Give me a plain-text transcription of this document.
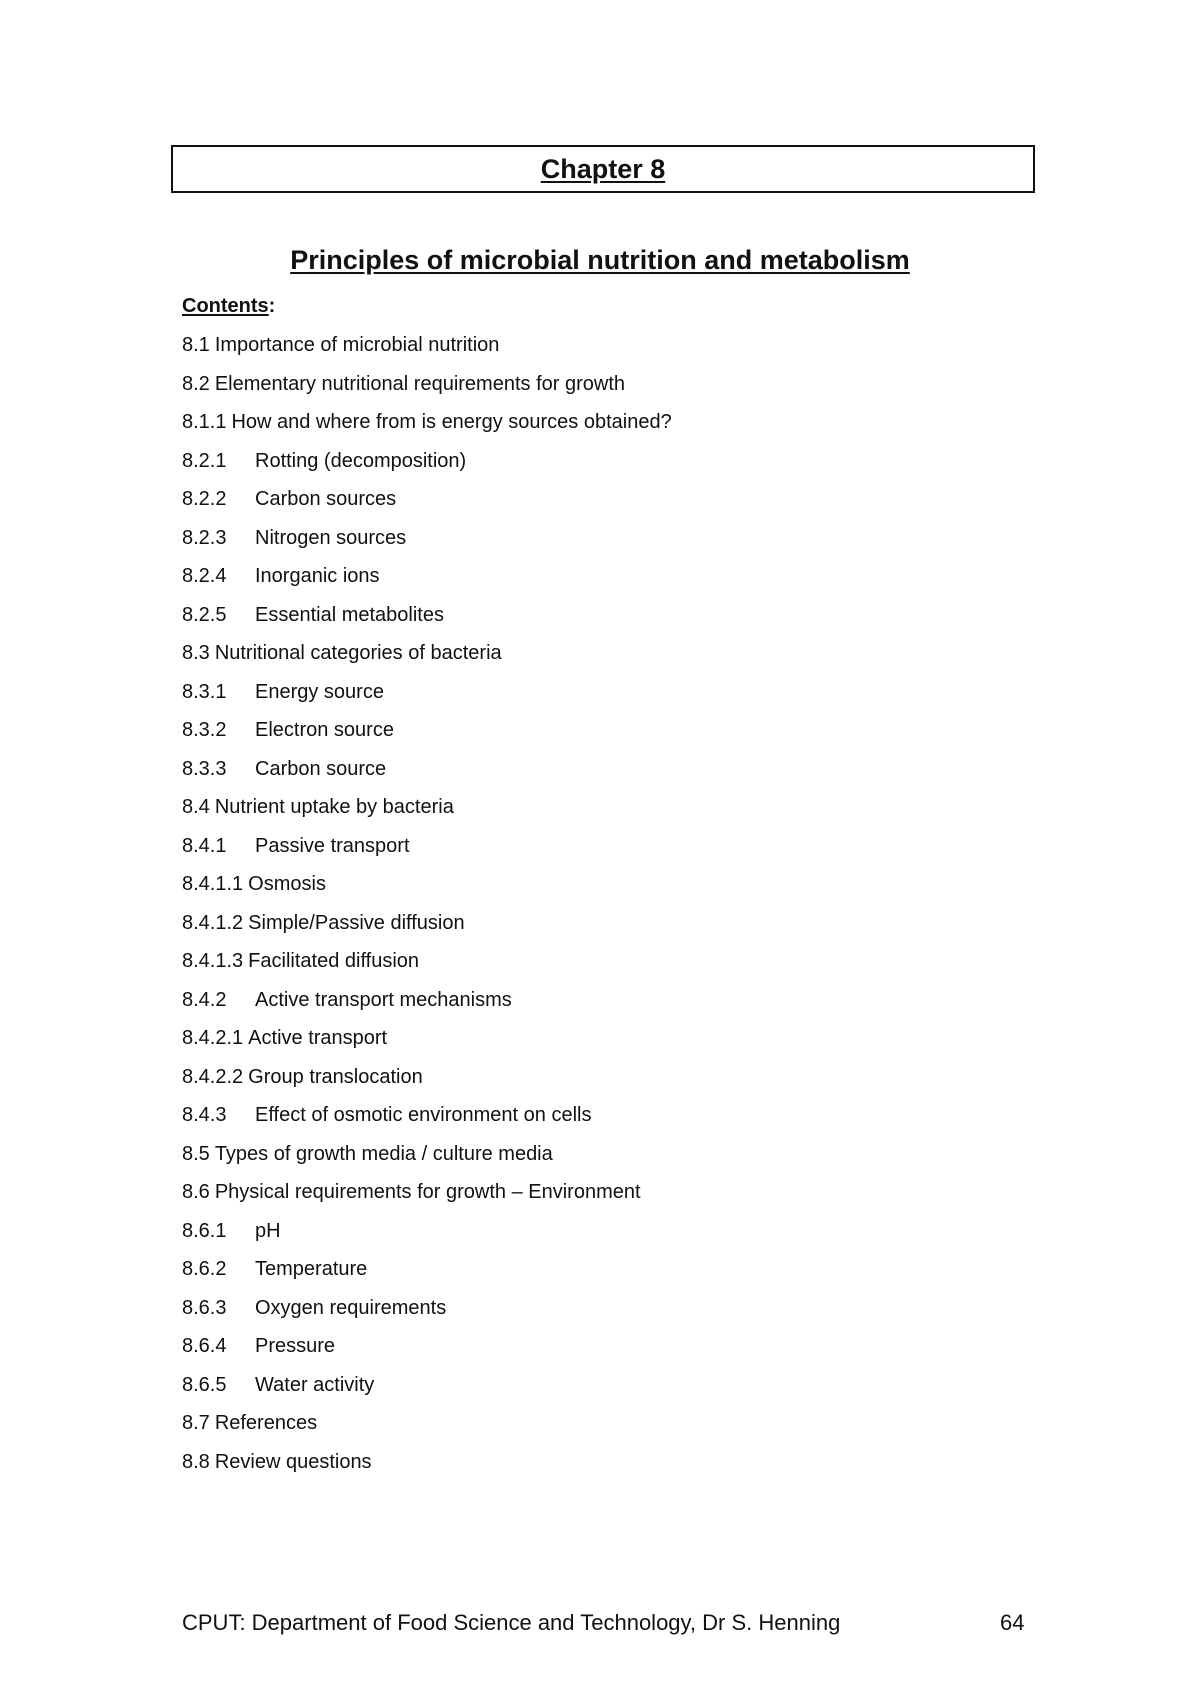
Chapter 8
Principles of microbial nutrition and metabolism
Contents:
8.1 Importance of microbial nutrition
8.2 Elementary nutritional requirements for growth
8.1.1 How and where from is energy sources obtained?
8.2.1	Rotting (decomposition)
8.2.2	Carbon sources
8.2.3	Nitrogen sources
8.2.4	Inorganic ions
8.2.5	Essential metabolites
8.3 Nutritional categories of bacteria
8.3.1	Energy source
8.3.2	Electron source
8.3.3	Carbon source
8.4 Nutrient uptake by bacteria
8.4.1	Passive transport
8.4.1.1 Osmosis
8.4.1.2 Simple/Passive diffusion
8.4.1.3 Facilitated diffusion
8.4.2	Active transport mechanisms
8.4.2.1 Active transport
8.4.2.2 Group translocation
8.4.3	Effect of osmotic environment on cells
8.5 Types of growth media / culture media
8.6 Physical requirements for growth – Environment
8.6.1	pH
8.6.2	Temperature
8.6.3	Oxygen requirements
8.6.4	Pressure
8.6.5	Water activity
8.7 References
8.8 Review questions
CPUT: Department of Food Science and Technology, Dr S. Henning	64
